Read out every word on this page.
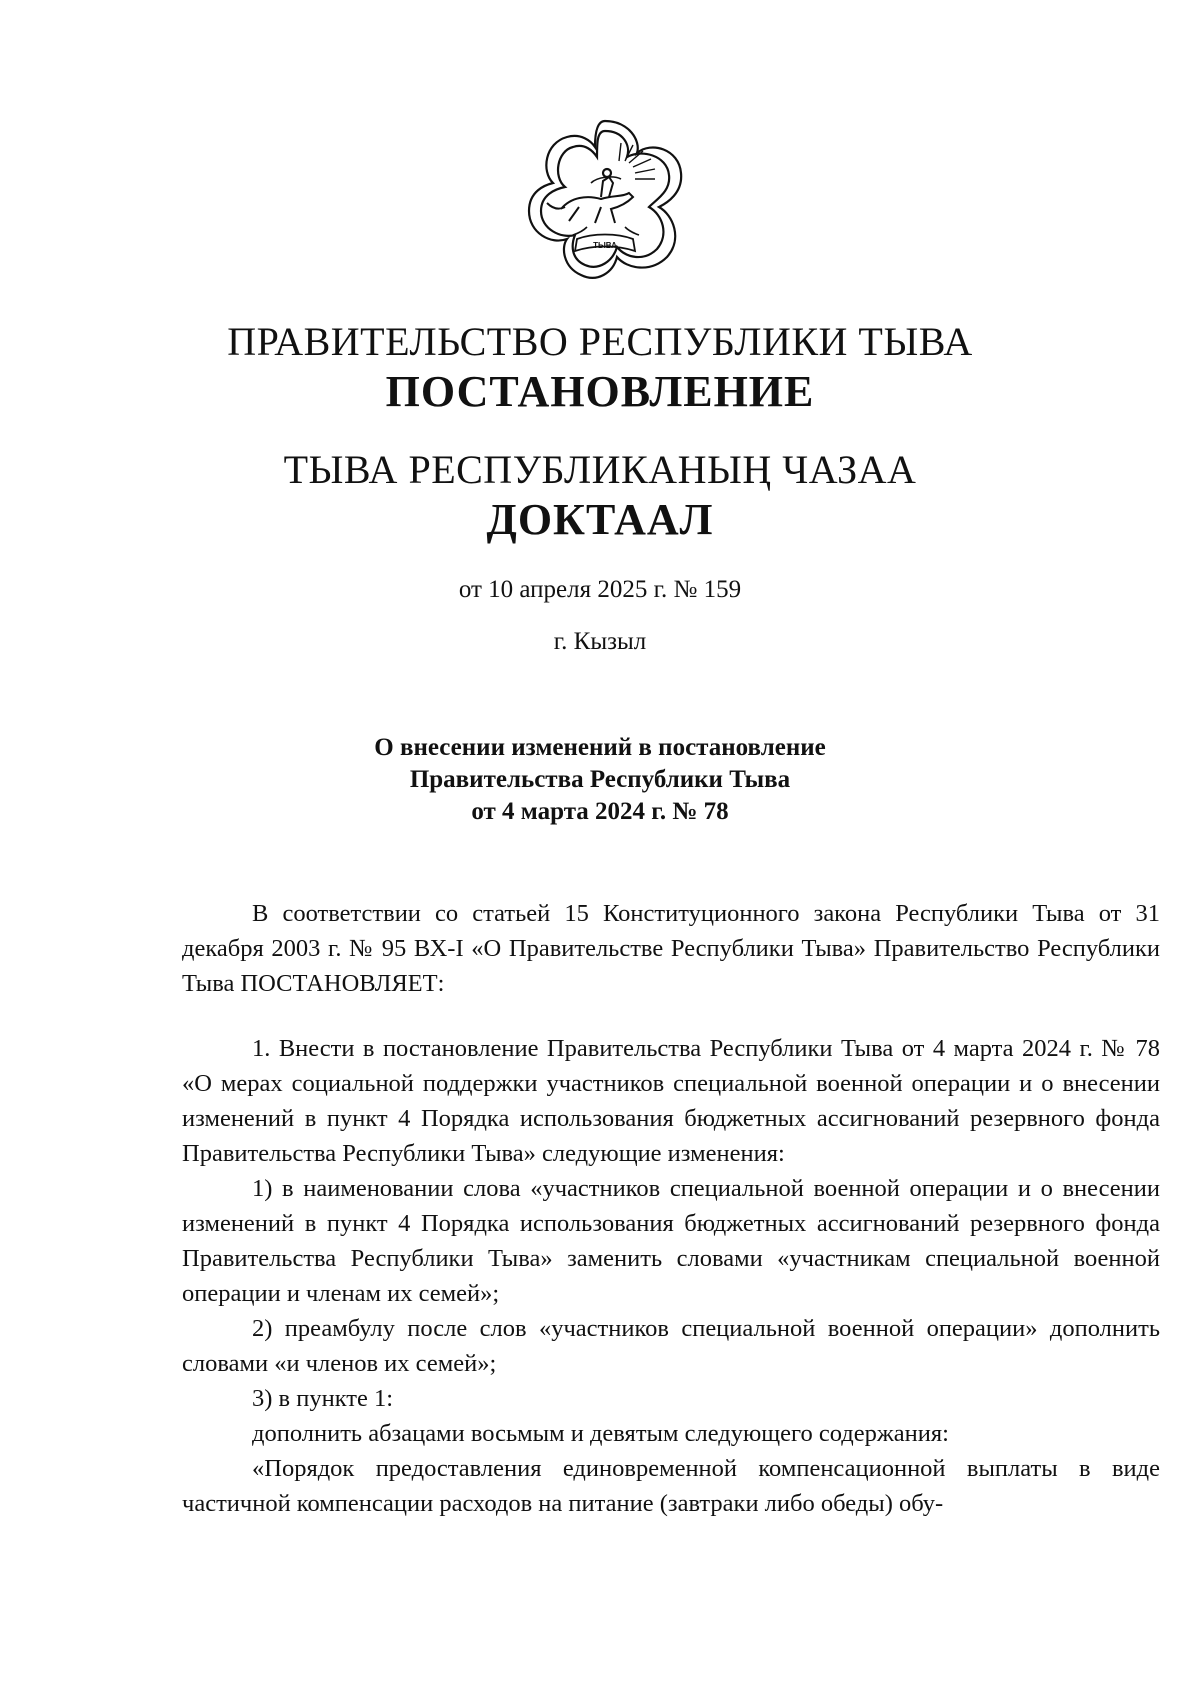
ТЫВА
ПРАВИТЕЛЬСТВО РЕСПУБЛИКИ ТЫВА
ПОСТАНОВЛЕНИЕ
ТЫВА РЕСПУБЛИКАНЫҢ ЧАЗАА
ДОКТААЛ
от 10 апреля 2025 г. № 159
г. Кызыл
О внесении изменений в постановление
Правительства Республики Тыва
от 4 марта 2024 г. № 78

В соответствии со статьей 15 Конституционного закона Республики Тыва от 31 декабря 2003 г. № 95 ВХ-I «О Правительстве Республики Тыва» Правительство Республики Тыва ПОСТАНОВЛЯЕТ:

1. Внести в постановление Правительства Республики Тыва от 4 марта 2024 г. № 78 «О мерах социальной поддержки участников специальной военной операции и о внесении изменений в пункт 4 Порядка использования бюджетных ассигнований резервного фонда Правительства Республики Тыва» следующие изменения:

1) в наименовании слова «участников специальной военной операции и о внесении изменений в пункт 4 Порядка использования бюджетных ассигнований резервного фонда Правительства Республики Тыва» заменить словами «участникам специальной военной операции и членам их семей»;

2) преамбулу после слов «участников специальной военной операции» дополнить словами «и членов их семей»;

3) в пункте 1:

дополнить абзацами восьмым и девятым следующего содержания:

«Порядок предоставления единовременной компенсационной выплаты в виде частичной компенсации расходов на питание (завтраки либо обеды) обу-
